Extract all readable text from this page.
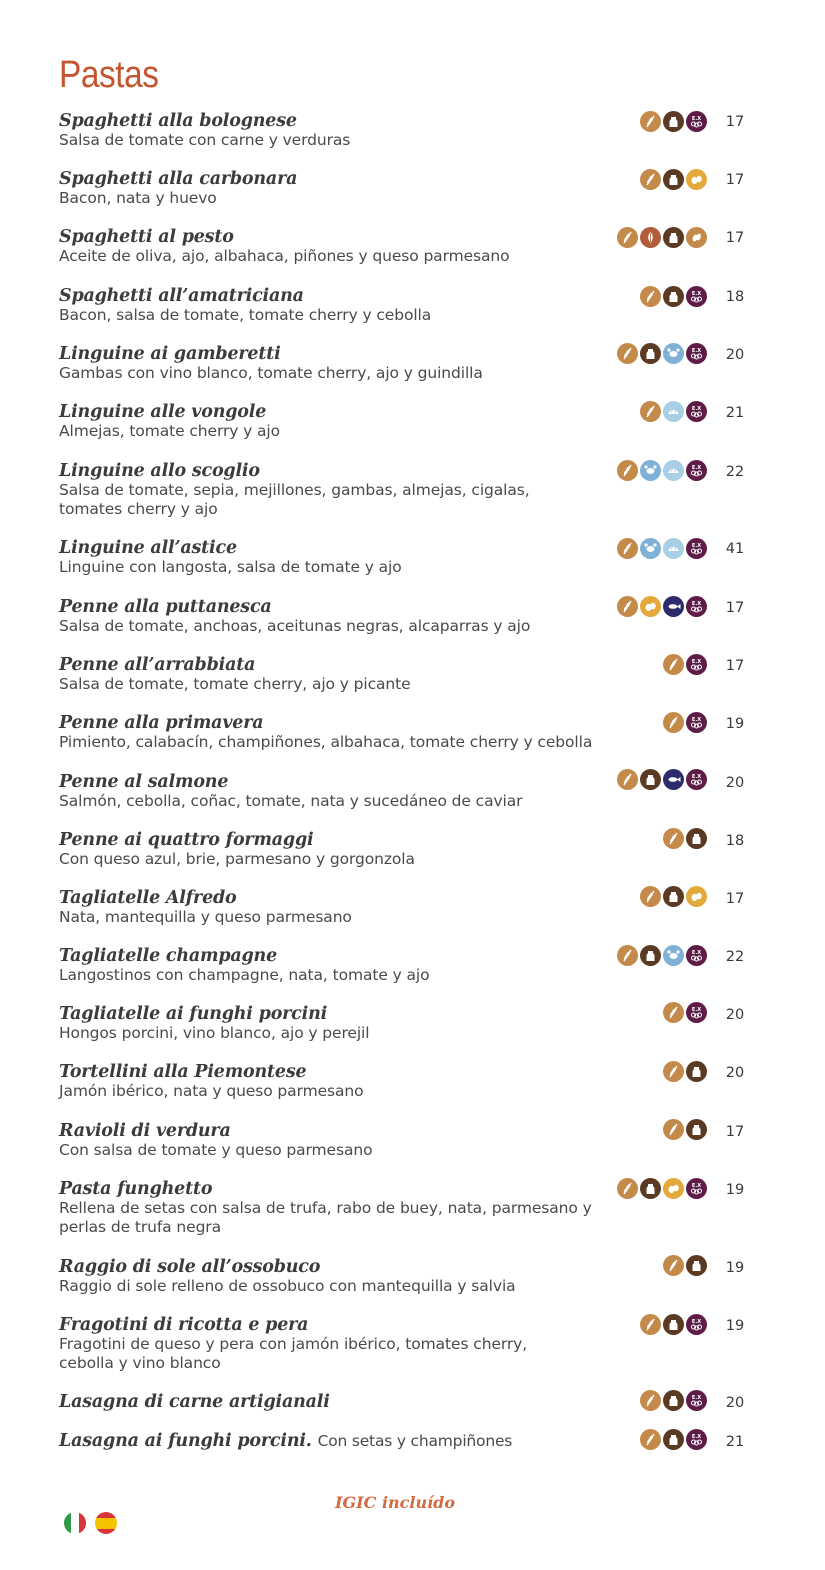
Pastas
Spaghetti alla bolognese
Salsa de tomate con carne y verduras
E.X	17
Spaghetti alla carbonara
Bacon, nata y huevo
17
Spaghetti al pesto
Aceite de oliva, ajo, albahaca, piñones y queso parmesano
17
Spaghetti all’amatriciana
Bacon, salsa de tomate, tomate cherry y cebolla
E.X	18
Linguine ai gamberetti
Gambas con vino blanco, tomate cherry, ajo y guindilla
E.X	20
Linguine alle vongole
Almejas, tomate cherry y ajo
E.X	21
Linguine allo scoglio
Salsa de tomate, sepia, mejillones, gambas, almejas, cigalas, tomates cherry y ajo
E.X	22
Linguine all’astice
Linguine con langosta, salsa de tomate y ajo
E.X	41
Penne alla puttanesca
Salsa de tomate, anchoas, aceitunas negras, alcaparras y ajo
E.X	17
Penne all’arrabbiata
Salsa de tomate, tomate cherry, ajo y picante
E.X	17
Penne alla primavera
Pimiento, calabacín, champiñones, albahaca, tomate cherry y cebolla
E.X	19
Penne al salmone
Salmón, cebolla, coñac, tomate, nata y sucedáneo de caviar
E.X	20
Penne ai quattro formaggi
Con queso azul, brie, parmesano y gorgonzola
18
Tagliatelle Alfredo
Nata, mantequilla y queso parmesano
17
Tagliatelle champagne
Langostinos con champagne, nata, tomate y ajo
E.X	22
Tagliatelle ai funghi porcini
Hongos porcini, vino blanco, ajo y perejil
E.X	20
Tortellini alla Piemontese
Jamón ibérico, nata y queso parmesano
20
Ravioli di verdura
Con salsa de tomate y queso parmesano
17
Pasta funghetto
Rellena de setas con salsa de trufa, rabo de buey, nata, parmesano y perlas de trufa negra
E.X	19
Raggio di sole all’ossobuco
Raggio di sole relleno de ossobuco con mantequilla y salvia
19
Fragotini di ricotta e pera
Fragotini de queso y pera con jamón ibérico, tomates cherry, cebolla y vino blanco
E.X	19
Lasagna di carne artigianali	E.X	20
Lasagna ai funghi porcini. Con setas y champiñones	E.X	21
IGIC incluído
